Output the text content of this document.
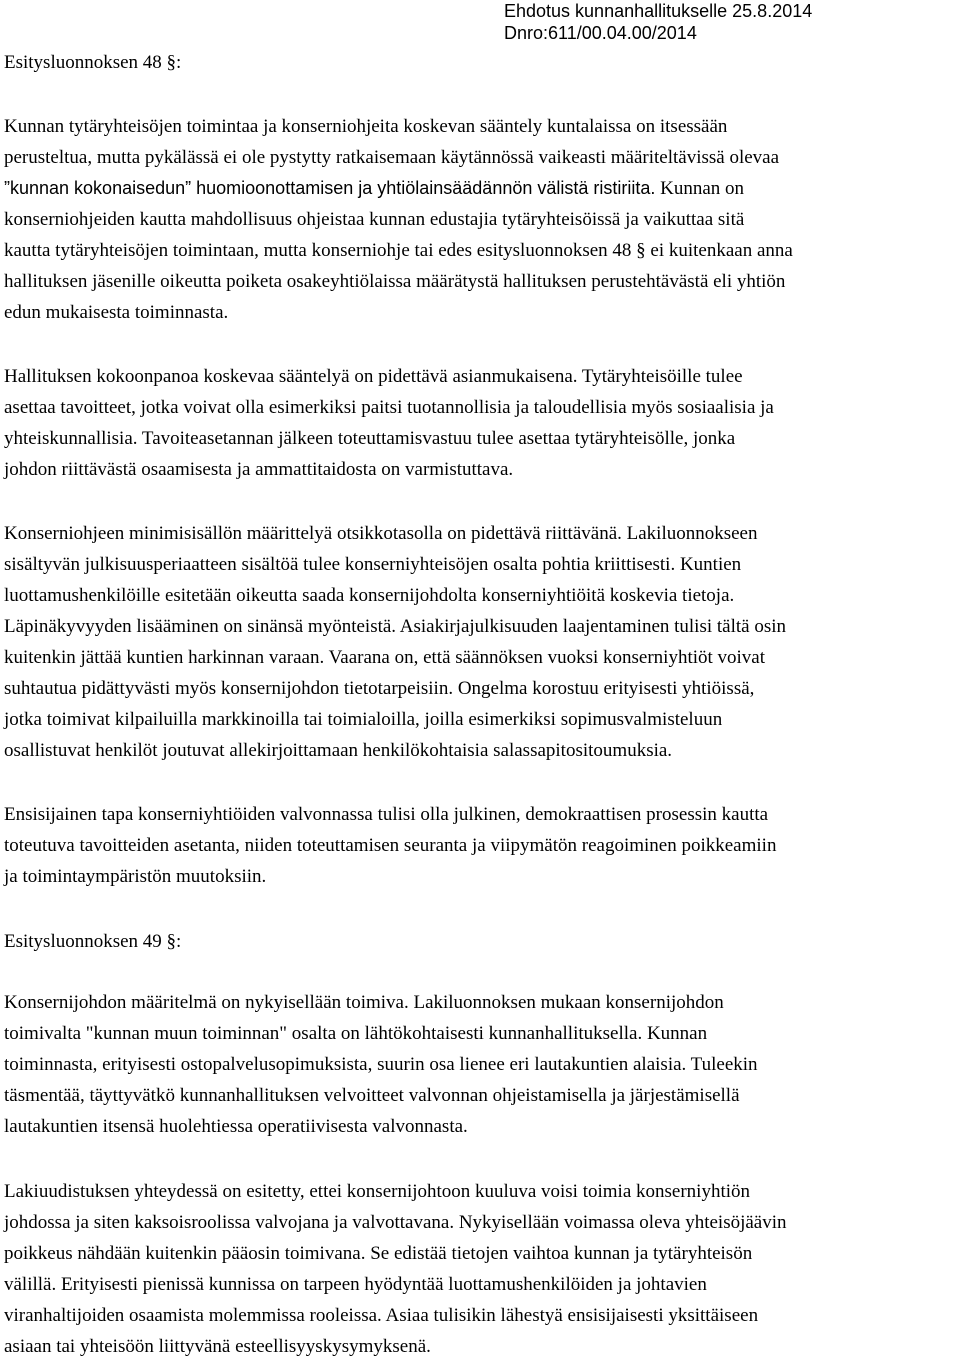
Ehdotus kunnanhallitukselle 25.8.2014
Dnro:611/00.04.00/2014
Esitysluonnoksen 48 §:
Kunnan tytäryhteisöjen toimintaa ja konserniohjeita koskevan sääntely kuntalaissa on itsessään
perusteltua, mutta pykälässä ei ole pystytty ratkaisemaan käytännössä vaikeasti määriteltävissä olevaa
”kunnan kokonaisedun” huomioonottamisen ja yhtiölainsäädännön välistä ristiriita. Kunnan on
konserniohjeiden kautta mahdollisuus ohjeistaa kunnan edustajia tytäryhteisöissä ja vaikuttaa sitä
kautta tytäryhteisöjen toimintaan, mutta konserniohje tai edes esitysluonnoksen 48 § ei kuitenkaan anna
hallituksen jäsenille oikeutta poiketa osakeyhtiölaissa määrätystä hallituksen perustehtävästä eli yhtiön
edun mukaisesta toiminnasta.
Hallituksen kokoonpanoa koskevaa sääntelyä on pidettävä asianmukaisena. Tytäryhteisöille tulee
asettaa tavoitteet, jotka voivat olla esimerkiksi paitsi tuotannollisia ja taloudellisia myös sosiaalisia ja
yhteiskunnallisia. Tavoiteasetannan jälkeen toteuttamisvastuu tulee asettaa tytäryhteisölle, jonka
johdon riittävästä osaamisesta ja ammattitaidosta on varmistuttava.
Konserniohjeen minimisisällön määrittelyä otsikkotasolla on pidettävä riittävänä. Lakiluonnokseen
sisältyvän julkisuusperiaatteen sisältöä tulee konserniyhteisöjen osalta pohtia kriittisesti. Kuntien
luottamushenkilöille esitetään oikeutta saada konsernijohdolta konserniyhtiöitä koskevia tietoja.
Läpinäkyvyyden lisääminen on sinänsä myönteistä. Asiakirjajulkisuuden laajentaminen tulisi tältä osin
kuitenkin jättää kuntien harkinnan varaan. Vaarana on, että säännöksen vuoksi konserniyhtiöt voivat
suhtautua pidättyvästi myös konsernijohdon tietotarpeisiin. Ongelma korostuu erityisesti yhtiöissä,
jotka toimivat kilpailuilla markkinoilla tai toimialoilla, joilla esimerkiksi sopimusvalmisteluun
osallistuvat henkilöt joutuvat allekirjoittamaan henkilökohtaisia salassapitositoumuksia.
Ensisijainen tapa konserniyhtiöiden valvonnassa tulisi olla julkinen, demokraattisen prosessin kautta
toteutuva tavoitteiden asetanta, niiden toteuttamisen seuranta ja viipymätön reagoiminen poikkeamiin
ja toimintaympäristön muutoksiin.
Esitysluonnoksen 49 §:
Konsernijohdon määritelmä on nykyisellään toimiva. Lakiluonnoksen mukaan konsernijohdon
toimivalta "kunnan muun toiminnan" osalta on lähtökohtaisesti kunnanhallituksella. Kunnan
toiminnasta, erityisesti ostopalvelusopimuksista, suurin osa lienee eri lautakuntien alaisia. Tuleekin
täsmentää, täyttyvätkö kunnanhallituksen velvoitteet valvonnan ohjeistamisella ja järjestämisellä
lautakuntien itsensä huolehtiessa operatiivisesta valvonnasta.
Lakiuudistuksen yhteydessä on esitetty, ettei konsernijohtoon kuuluva voisi toimia konserniyhtiön
johdossa ja siten kaksoisroolissa valvojana ja valvottavana. Nykyisellään voimassa oleva yhteisöjäävin
poikkeus nähdään kuitenkin pääosin toimivana. Se edistää tietojen vaihtoa kunnan ja tytäryhteisön
välillä. Erityisesti pienissä kunnissa on tarpeen hyödyntää luottamushenkilöiden ja johtavien
viranhaltijoiden osaamista molemmissa rooleissa. Asiaa tulisikin lähestyä ensisijaisesti yksittäiseen
asiaan tai yhteisöön liittyvänä esteellisyyskysymyksenä.
